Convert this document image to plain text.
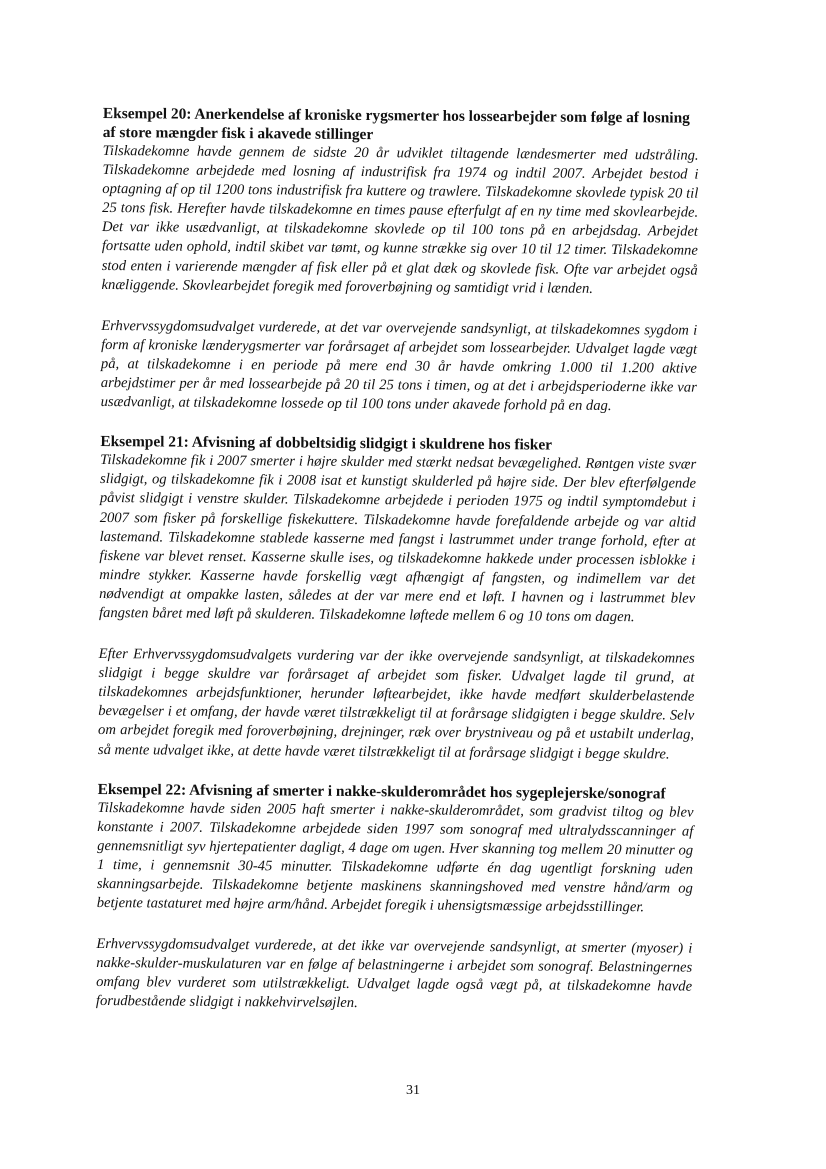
Eksempel 20: Anerkendelse af kroniske rygsmerter hos lossearbejder som følge af losning af store mængder fisk i akavede stillinger

Tilskadekomne havde gennem de sidste 20 år udviklet tiltagende lændesmerter med udstråling. Tilskadekomne arbejdede med losning af industrifisk fra 1974 og indtil 2007. Arbejdet bestod i optagning af op til 1200 tons industrifisk fra kuttere og trawlere. Tilskadekomne skovlede typisk 20 til 25 tons fisk. Herefter havde tilskadekomne en times pause efterfulgt af en ny time med skovlearbejde. Det var ikke usædvanligt, at tilskadekomne skovlede op til 100 tons på en arbejdsdag. Arbejdet fortsatte uden ophold, indtil skibet var tømt, og kunne strække sig over 10 til 12 timer. Tilskadekomne stod enten i varierende mængder af fisk eller på et glat dæk og skovlede fisk. Ofte var arbejdet også knæliggende. Skovlearbejdet foregik med foroverbøjning og samtidigt vrid i lænden.

Erhvervssygdomsudvalget vurderede, at det var overvejende sandsynligt, at tilskadekomnes sygdom i form af kroniske lænderygsmerter var forårsaget af arbejdet som lossearbejder. Udvalget lagde vægt på, at tilskadekomne i en periode på mere end 30 år havde omkring 1.000 til 1.200 aktive arbejdstimer per år med lossearbejde på 20 til 25 tons i timen, og at det i arbejdsperioderne ikke var usædvanligt, at tilskadekomne lossede op til 100 tons under akavede forhold på en dag.

Eksempel 21: Afvisning af dobbeltsidig slidgigt i skuldrene hos fisker

Tilskadekomne fik i 2007 smerter i højre skulder med stærkt nedsat bevægelighed. Røntgen viste svær slidgigt, og tilskadekomne fik i 2008 isat et kunstigt skulderled på højre side. Der blev efterfølgende påvist slidgigt i venstre skulder. Tilskadekomne arbejdede i perioden 1975 og indtil symptomdebut i 2007 som fisker på forskellige fiskekuttere. Tilskadekomne havde forefaldende arbejde og var altid lastemand. Tilskadekomne stablede kasserne med fangst i lastrummet under trange forhold, efter at fiskene var blevet renset. Kasserne skulle ises, og tilskadekomne hakkede under processen isblokke i mindre stykker. Kasserne havde forskellig vægt afhængigt af fangsten, og indimellem var det nødvendigt at ompakke lasten, således at der var mere end et løft. I havnen og i lastrummet blev fangsten båret med løft på skulderen. Tilskadekomne løftede mellem 6 og 10 tons om dagen.

Efter Erhvervssygdomsudvalgets vurdering var der ikke overvejende sandsynligt, at tilskadekomnes slidgigt i begge skuldre var forårsaget af arbejdet som fisker. Udvalget lagde til grund, at tilskadekomnes arbejdsfunktioner, herunder løftearbejdet, ikke havde medført skulderbelastende bevægelser i et omfang, der havde været tilstrækkeligt til at forårsage slidgigten i begge skuldre. Selv om arbejdet foregik med foroverbøjning, drejninger, ræk over brystniveau og på et ustabilt underlag, så mente udvalget ikke, at dette havde været tilstrækkeligt til at forårsage slidgigt i begge skuldre.

Eksempel 22: Afvisning af smerter i nakke-skulderområdet hos sygeplejerske/sonograf

Tilskadekomne havde siden 2005 haft smerter i nakke-skulderområdet, som gradvist tiltog og blev konstante i 2007. Tilskadekomne arbejdede siden 1997 som sonograf med ultralydsscanninger af gennemsnitligt syv hjertepatienter dagligt, 4 dage om ugen. Hver skanning tog mellem 20 minutter og 1 time, i gennemsnit 30-45 minutter. Tilskadekomne udførte én dag ugentligt forskning uden skanningsarbejde. Tilskadekomne betjente maskinens skanningshoved med venstre hånd/arm og betjente tastaturet med højre arm/hånd. Arbejdet foregik i uhensigtsmæssige arbejdsstillinger.

Erhvervssygdomsudvalget vurderede, at det ikke var overvejende sandsynligt, at smerter (myoser) i nakke-skulder-muskulaturen var en følge af belastningerne i arbejdet som sonograf. Belastningernes omfang blev vurderet som utilstrækkeligt. Udvalget lagde også vægt på, at tilskadekomne havde forudbestående slidgigt i nakkehvirvelsøjlen.

31
